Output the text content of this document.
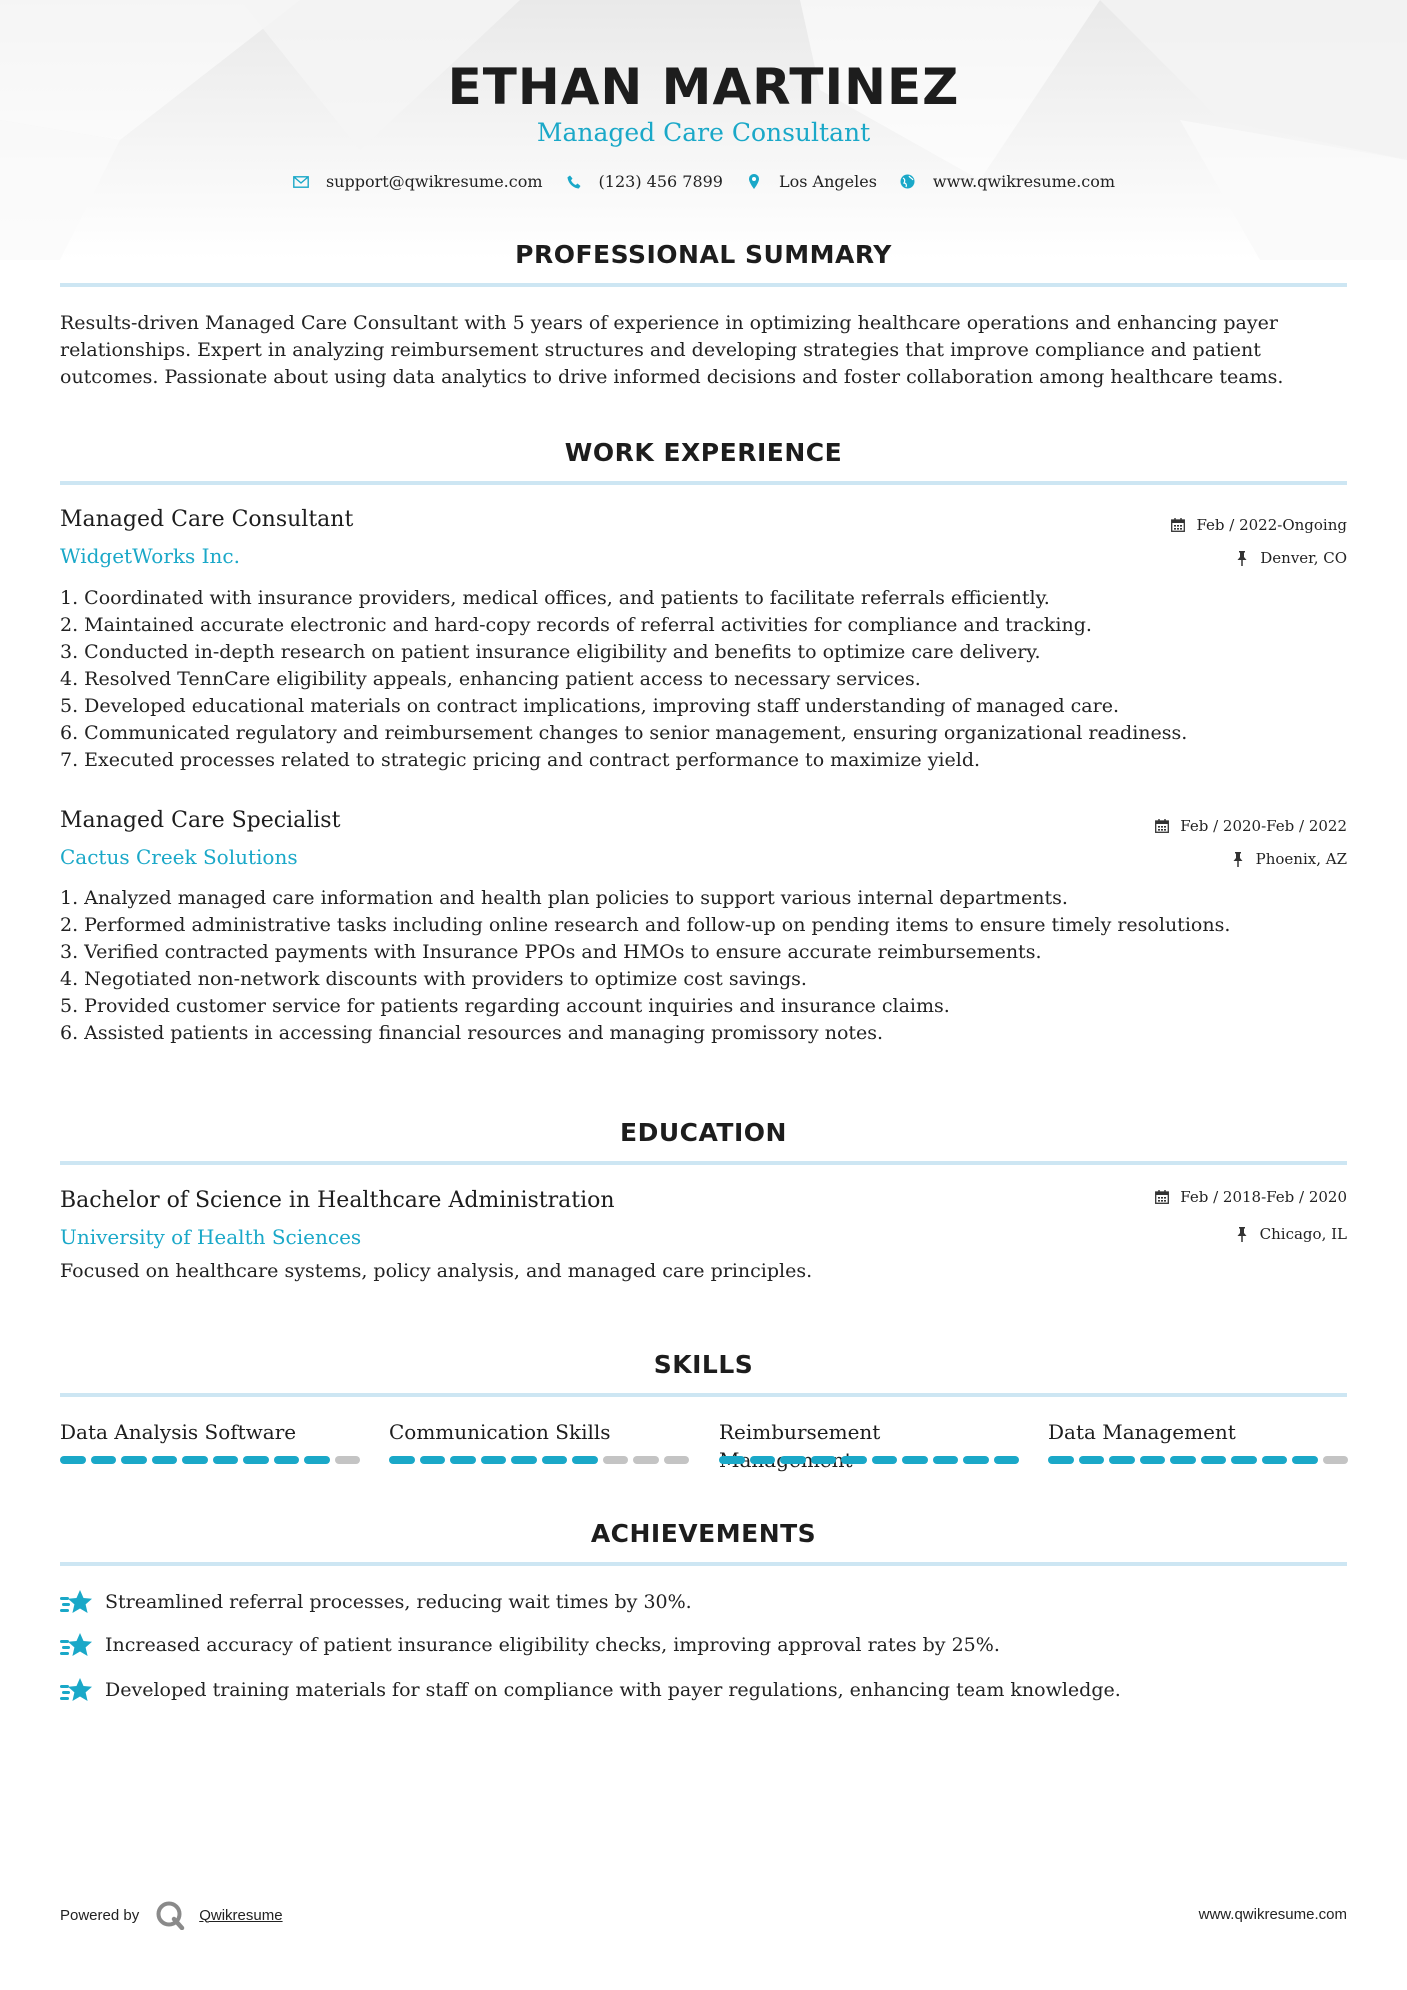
ETHAN MARTINEZ
Managed Care Consultant
support@qwikresume.com	(123) 456 7899	Los Angeles	www.qwikresume.com
PROFESSIONAL SUMMARY
Results-driven Managed Care Consultant with 5 years of experience in optimizing healthcare operations and enhancing payer relationships. Expert in analyzing reimbursement structures and developing strategies that improve compliance and patient outcomes. Passionate about using data analytics to drive informed decisions and foster collaboration among healthcare teams.
WORK EXPERIENCE
Managed Care Consultant
WidgetWorks Inc.
Feb / 2022-Ongoing
Denver, CO
1. Coordinated with insurance providers, medical offices, and patients to facilitate referrals efficiently.
2. Maintained accurate electronic and hard-copy records of referral activities for compliance and tracking.
3. Conducted in-depth research on patient insurance eligibility and benefits to optimize care delivery.
4. Resolved TennCare eligibility appeals, enhancing patient access to necessary services.
5. Developed educational materials on contract implications, improving staff understanding of managed care.
6. Communicated regulatory and reimbursement changes to senior management, ensuring organizational readiness.
7. Executed processes related to strategic pricing and contract performance to maximize yield.
Managed Care Specialist
Cactus Creek Solutions
Feb / 2020-Feb / 2022
Phoenix, AZ
1. Analyzed managed care information and health plan policies to support various internal departments.
2. Performed administrative tasks including online research and follow-up on pending items to ensure timely resolutions.
3. Verified contracted payments with Insurance PPOs and HMOs to ensure accurate reimbursements.
4. Negotiated non-network discounts with providers to optimize cost savings.
5. Provided customer service for patients regarding account inquiries and insurance claims.
6. Assisted patients in accessing financial resources and managing promissory notes.
EDUCATION
Bachelor of Science in Healthcare Administration
University of Health Sciences
Feb / 2018-Feb / 2020
Chicago, IL
Focused on healthcare systems, policy analysis, and managed care principles.
SKILLS
Data Analysis Software	Communication Skills	Reimbursement	Data Management
ACHIEVEMENTS
Streamlined referral processes, reducing wait times by 30%.
Increased accuracy of patient insurance eligibility checks, improving approval rates by 25%.
Developed training materials for staff on compliance with payer regulations, enhancing team knowledge.
Powered by	Qwikresume	www.qwikresume.com
